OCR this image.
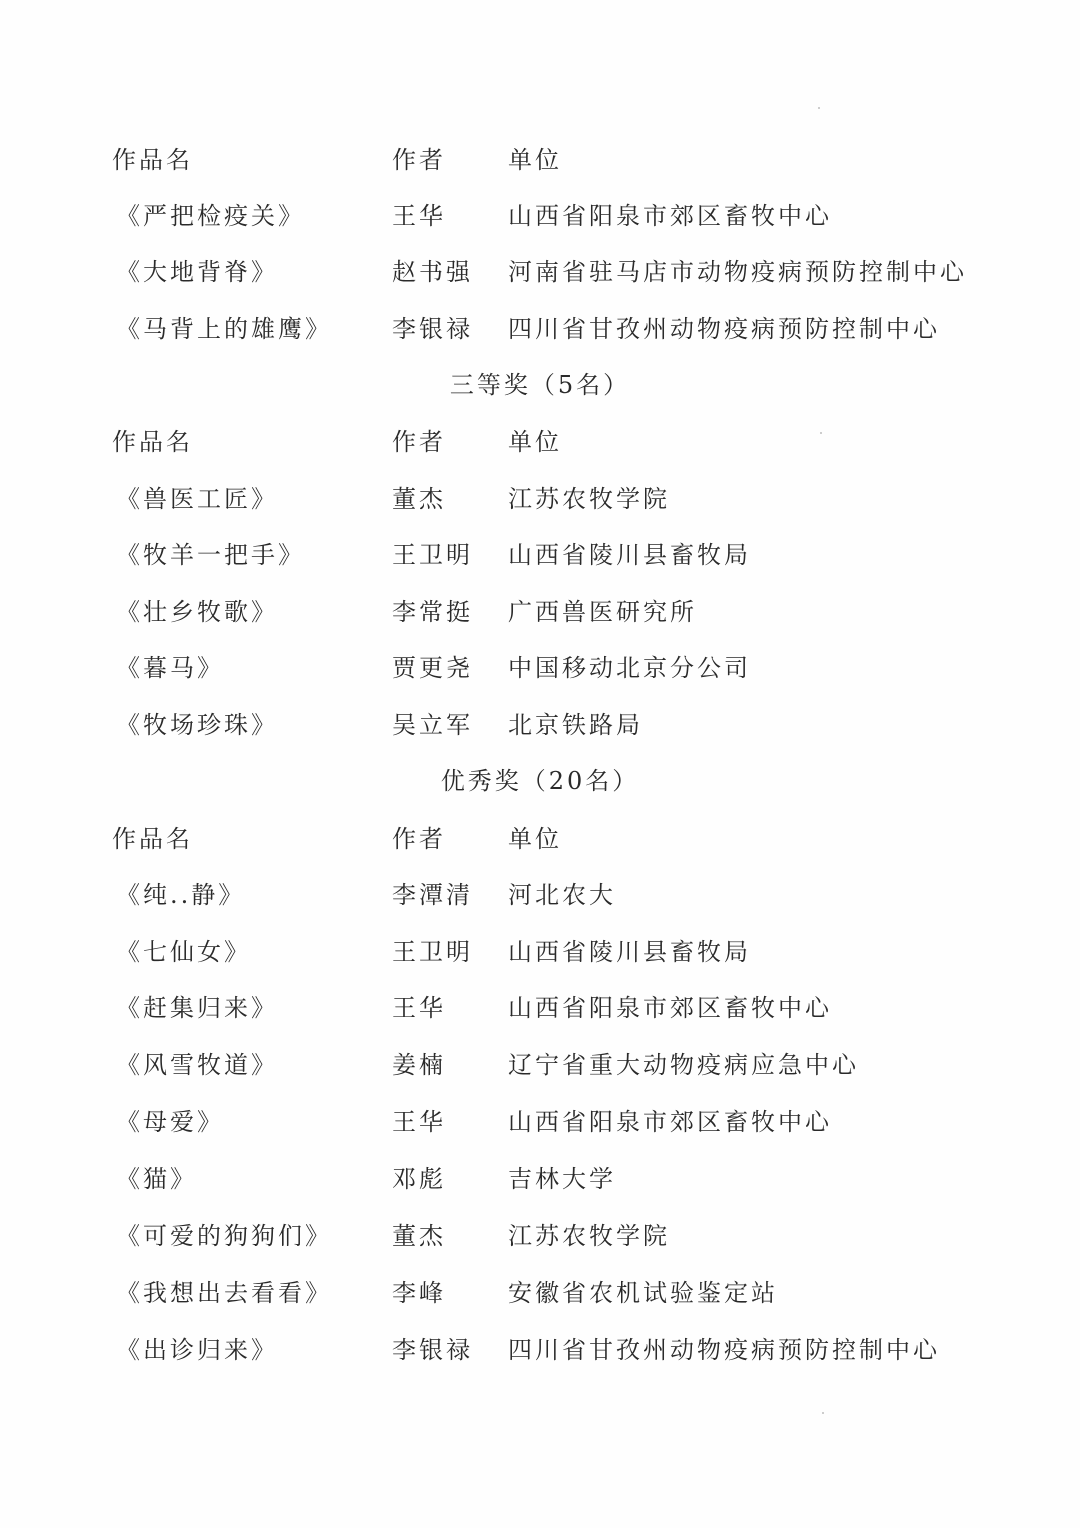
作品名	作者	单位
《严把检疫关》	王华	山西省阳泉市郊区畜牧中心
《大地背脊》	赵书强 河南省驻马店市动物疫病预防控制中心
《马背上的雄鹰》	李银禄 四川省甘孜州动物疫病预防控制中心
三等奖（5名）
作品名	作者	单位
《兽医工匠》	董杰	江苏农牧学院
《牧羊一把手》	王卫明 山西省陵川县畜牧局
《壮乡牧歌》	李常挺 广西兽医研究所
《暮马》	贾更尧 中国移动北京分公司
《牧场珍珠》	吴立军 北京铁路局
优秀奖（20名）
作品名	作者	单位
《纯..静》	李潭清 河北农大
《七仙女》	王卫明 山西省陵川县畜牧局
《赶集归来》	王华	山西省阳泉市郊区畜牧中心
《风雪牧道》	姜楠	辽宁省重大动物疫病应急中心
《母爱》	王华	山西省阳泉市郊区畜牧中心
《猫》	邓彪	吉林大学
《可爱的狗狗们》	董杰	江苏农牧学院
《我想出去看看》	李峰	安徽省农机试验鉴定站
《出诊归来》	李银禄 四川省甘孜州动物疫病预防控制中心
